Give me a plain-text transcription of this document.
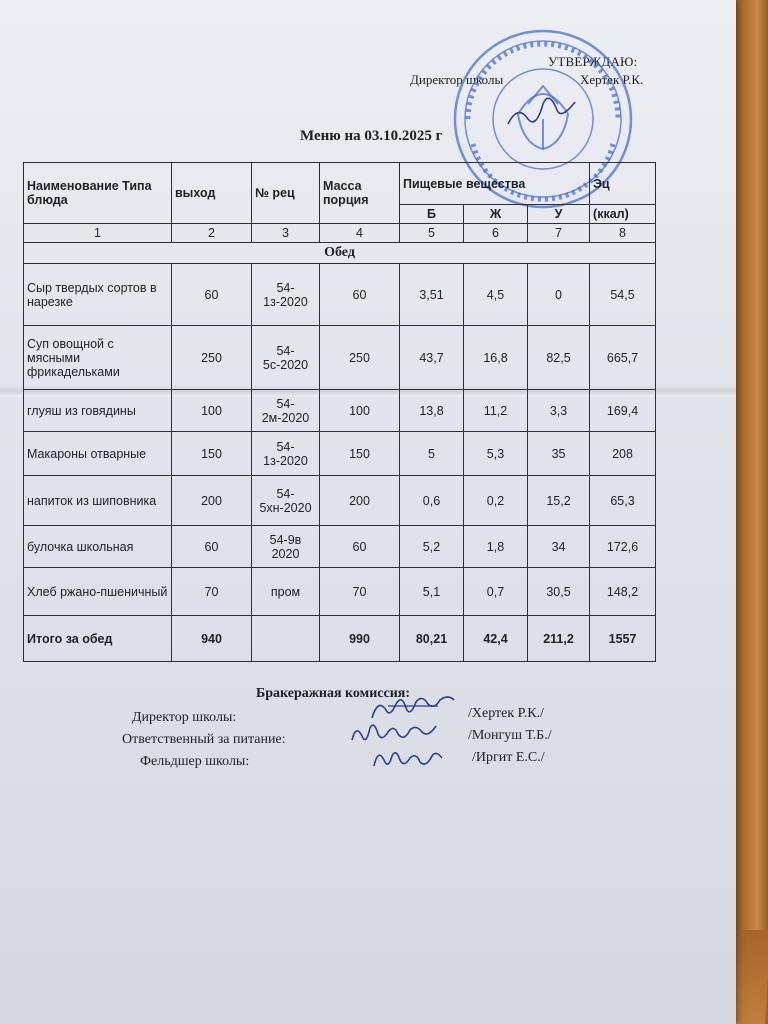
УТВЕРЖДАЮ:
Директор школы	Хертек Р.К.
Меню на 03.10.2025 г
Наименование Типа блюда	выход	№ рец	Масса порция	Пищевые вещества			Эц
				Б	Ж	У	(ккал)
1	2	3	4	5	6	7	8
Обед							
Сыр твердых сортов в нарезке	60	54-1з-2020	60	3,51	4,5	0	54,5
Суп овощной с мясными фрикадельками	250	54-5с-2020	250	43,7	16,8	82,5	665,7
глуяш из говядины	100	54-2м-2020	100	13,8	11,2	3,3	169,4
Макароны отварные	150	54-1з-2020	150	5	5,3	35	208
напиток из шиповника	200	54-5хн-2020	200	0,6	0,2	15,2	65,3
булочка школьная	60	54-9в 2020	60	5,2	1,8	34	172,6
Хлеб ржано-пшеничный	70	пром	70	5,1	0,7	30,5	148,2
Итого за обед	940		990	80,21	42,4	211,2	1557
Бракеражная комиссия:
Директор школы:
Ответственный за питание:
Фельдшер школы:
/Хертек Р.К./
/Монгуш Т.Б./
/Иргит Е.С./
